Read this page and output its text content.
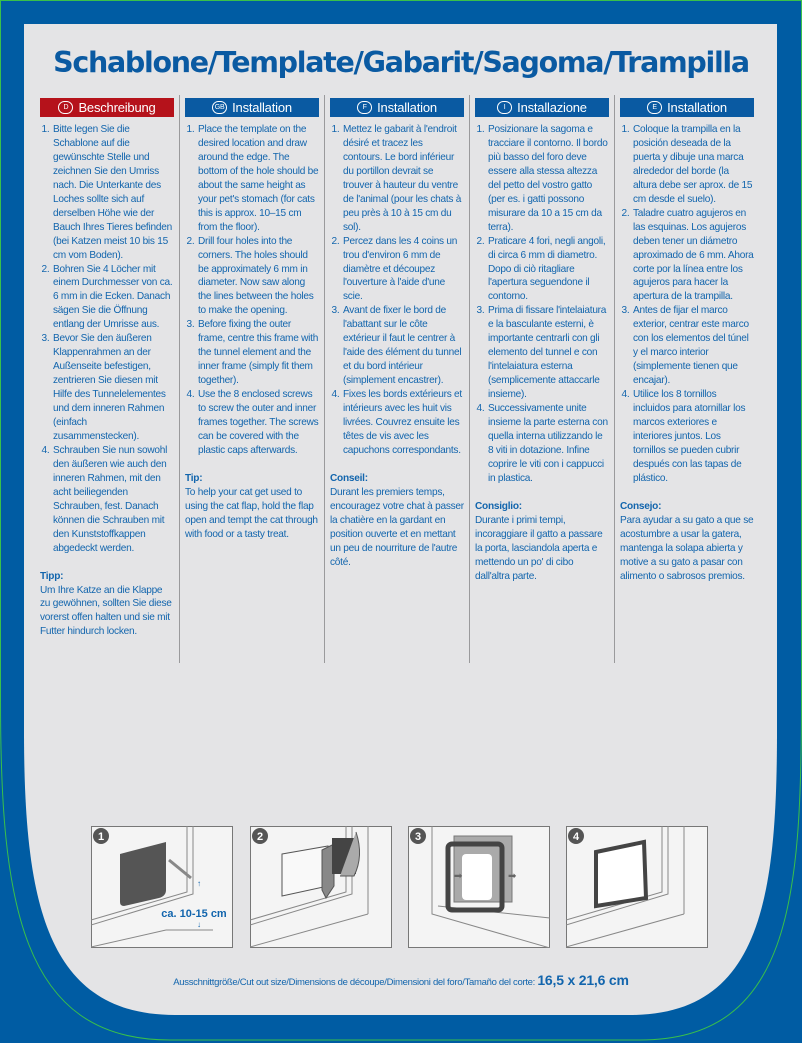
Schablone/Template/Gabarit/Sagoma/Trampilla
D Beschreibung
1. Bitte legen Sie die Schablone auf die gewünschte Stelle und zeichnen Sie den Umriss nach. Die Unterkante des Loches sollte sich auf derselben Höhe wie der Bauch Ihres Tieres befinden (bei Katzen meist 10 bis 15 cm vom Boden).
2. Bohren Sie 4 Löcher mit einem Durchmesser von ca. 6 mm in die Ecken. Danach sägen Sie die Öffnung entlang der Umrisse aus.
3. Bevor Sie den äußeren Klappenrahmen an der Außenseite befestigen, zentrieren Sie diesen mit Hilfe des Tunnelelementes und dem inneren Rahmen (einfach zusammenstecken).
4. Schrauben Sie nun sowohl den äußeren wie auch den inneren Rahmen, mit den acht beiliegenden Schrauben, fest. Danach können die Schrauben mit den Kunststoffkappen abgedeckt werden.
Tipp:

Um Ihre Katze an die Klappe zu gewöhnen, sollten Sie diese vorerst offen halten und sie mit Futter hindurch locken.

GB Installation
1. Place the template on the desired location and draw around the edge. The bottom of the hole should be about the same height as your pet's stomach (for cats this is approx. 10–15 cm from the floor).
2. Drill four holes into the corners. The holes should be approximately 6 mm in diameter. Now saw along the lines between the holes to make the opening.
3. Before fixing the outer frame, centre this frame with the tunnel element and the inner frame (simply fit them together).
4. Use the 8 enclosed screws to screw the outer and inner frames together. The screws can be covered with the plastic caps afterwards.
Tip:

To help your cat get used to using the cat flap, hold the flap open and tempt the cat through with food or a tasty treat.

F Installation
1. Mettez le gabarit à l'endroit désiré et tracez les contours. Le bord inférieur du portillon devrait se trouver à hauteur du ventre de l'animal (pour les chats à peu près à 10 à 15 cm du sol).
2. Percez dans les 4 coins un trou d'environ 6 mm de diamètre et découpez l'ouverture à l'aide d'une scie.
3. Avant de fixer le bord de l'abattant sur le côte extérieur il faut le centrer à l'aide des élément du tunnel et du bord intérieur (simplement encastrer).
4. Fixes les bords extérieurs et intérieurs avec les huit vis livrées. Couvrez ensuite les têtes de vis avec les capuchons correspondants.
Conseil:

Durant les premiers temps, encouragez votre chat à passer la chatière en la gardant en position ouverte et en mettant un peu de nourriture de l'autre côté.

I Installazione
1. Posizionare la sagoma e tracciare il contorno. Il bordo più basso del foro deve essere alla stessa altezza del petto del vostro gatto (per es. i gatti possono misurare da 10 a 15 cm da terra).
2. Praticare 4 fori, negli angoli, di circa 6 mm di diametro. Dopo di ciò ritagliare l'apertura seguendone il contorno.
3. Prima di fissare l'intelaiatura e la basculante esterni, è importante centrarli con gli elemento del tunnel e con l'intelaiatura esterna (semplicemente attaccarle insieme).
4. Successivamente unite insieme la parte esterna con quella interna utilizzando le 8 viti in dotazione. Infine coprire le viti con i cappucci in plastica.
Consiglio:

Durante i primi tempi, incoraggiare il gatto a passare la porta, lasciandola aperta e mettendo un po' di cibo dall'altra parte.

E Installation
1. Coloque la trampilla en la posición deseada de la puerta y dibuje una marca alrededor del borde (la altura debe ser aprox. de 15 cm desde el suelo).
2. Taladre cuatro agujeros en las esquinas. Los agujeros deben tener un diámetro aproximado de 6 mm. Ahora corte por la línea entre los agujeros para hacer la apertura de la trampilla.
3. Antes de fijar el marco exterior, centrar este marco con los elementos del túnel y el marco interior (simplemente tienen que encajar).
4. Utilice los 8 tornillos incluidos para atornillar los marcos exteriores e interiores juntos. Los tornillos se pueden cubrir después con las tapas de plástico.
Consejo:

Para ayudar a su gato a que se acostumbre a usar la gatera, mantenga la solapa abierta y motive a su gato a pasar con alimento o sabrosos premios.

1
↑
↓
ca. 10-15 cm
2
➡	➡
3	4
Ausschnittgröße/Cut out size/Dimensions de découpe/Dimensioni del foro/Tamaño del corte: 16,5 x 21,6 cm
